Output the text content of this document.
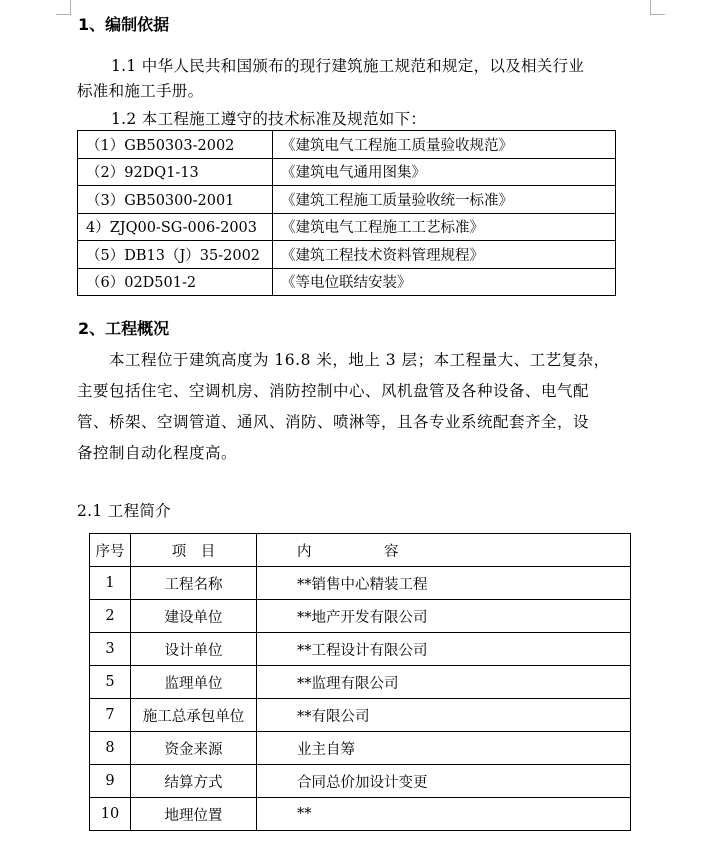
1、编制依据
1.1 中华人民共和国颁布的现行建筑施工规范和规定，以及相关行业
标准和施工手册。
1.2 本工程施工遵守的技术标准及规范如下：
（1）GB50303-2002	《建筑电气工程施工质量验收规范》
（2）92DQ1-13	《建筑电气通用图集》
（3）GB50300-2001	《建筑工程施工质量验收统一标准》
4）ZJQ00-SG-006-2003	《建筑电气工程施工工艺标准》
（5）DB13（J）35-2002	《建筑工程技术资料管理规程》
（6）02D501-2	《等电位联结安装》
2、工程概况
　　本工程位于建筑高度为 16.8 米，地上 3 层；本工程量大、工艺复杂，
主要包括住宅、空调机房、消防控制中心、风机盘管及各种设备、电气配
管、桥架、空调管道、通风、消防、喷淋等，且各专业系统配套齐全，设
备控制自动化程度高。
2.1 工程简介
序号	项　目	内　　　　　容
1	工程名称	**销售中心精装工程
2	建设单位	**地产开发有限公司
3	设计单位	**工程设计有限公司
5	监理单位	**监理有限公司
7	施工总承包单位	**有限公司
8	资金来源	业主自筹
9	结算方式	合同总价加设计变更
10	地理位置	**
